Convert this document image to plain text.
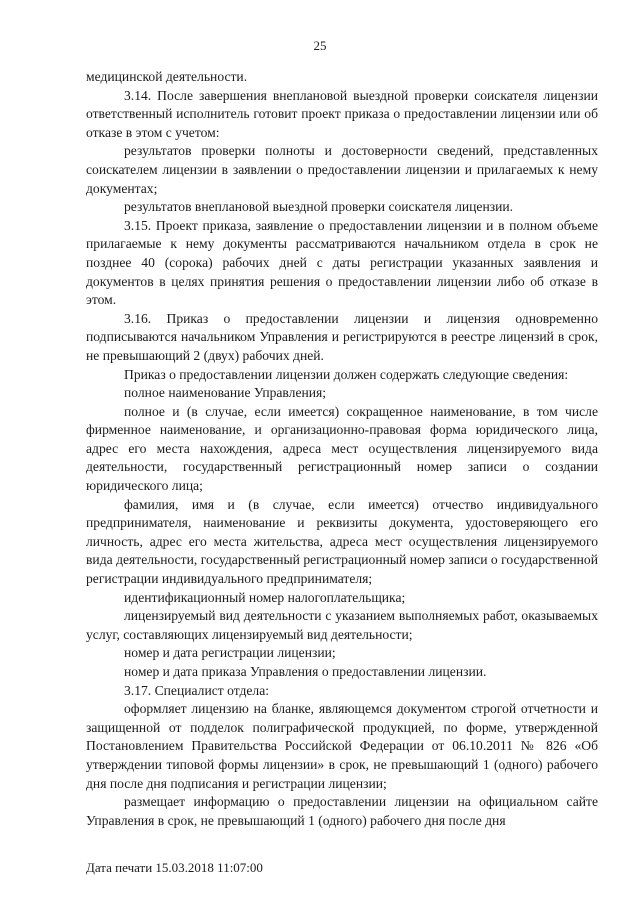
25

медицинской деятельности.

3.14. После завершения внеплановой выездной проверки соискателя лицензии ответственный исполнитель готовит проект приказа о предоставлении лицензии или об отказе в этом с учетом:

результатов проверки полноты и достоверности сведений, представленных соискателем лицензии в заявлении о предоставлении лицензии и прилагаемых к нему документах;

результатов внеплановой выездной проверки соискателя лицензии.

3.15. Проект приказа, заявление о предоставлении лицензии и в полном объеме прилагаемые к нему документы рассматриваются начальником отдела в срок не позднее 40 (сорока) рабочих дней с даты регистрации указанных заявления и документов в целях принятия решения о предоставлении лицензии либо об отказе в этом.

3.16. Приказ о предоставлении лицензии и лицензия одновременно подписываются начальником Управления и регистрируются в реестре лицензий в срок, не превышающий 2 (двух) рабочих дней.

Приказ о предоставлении лицензии должен содержать следующие сведения:

полное наименование Управления;

полное и (в случае, если имеется) сокращенное наименование, в том числе фирменное наименование, и организационно-правовая форма юридического лица, адрес его места нахождения, адреса мест осуществления лицензируемого вида деятельности, государственный регистрационный номер записи о создании юридического лица;

фамилия, имя и (в случае, если имеется) отчество индивидуального предпринимателя, наименование и реквизиты документа, удостоверяющего его личность, адрес его места жительства, адреса мест осуществления лицензируемого вида деятельности, государственный регистрационный номер записи о государственной регистрации индивидуального предпринимателя;

идентификационный номер налогоплательщика;

лицензируемый вид деятельности с указанием выполняемых работ, оказываемых услуг, составляющих лицензируемый вид деятельности;

номер и дата регистрации лицензии;

номер и дата приказа Управления о предоставлении лицензии.

3.17. Специалист отдела:

оформляет лицензию на бланке, являющемся документом строгой отчетности и защищенной от подделок полиграфической продукцией, по форме, утвержденной Постановлением Правительства Российской Федерации от 06.10.2011 № 826 «Об утверждении типовой формы лицензии» в срок, не превышающий 1 (одного) рабочего дня после дня подписания и регистрации лицензии;

размещает информацию о предоставлении лицензии на официальном сайте Управления в срок, не превышающий 1 (одного) рабочего дня после дня

Дата печати 15.03.2018 11:07:00
